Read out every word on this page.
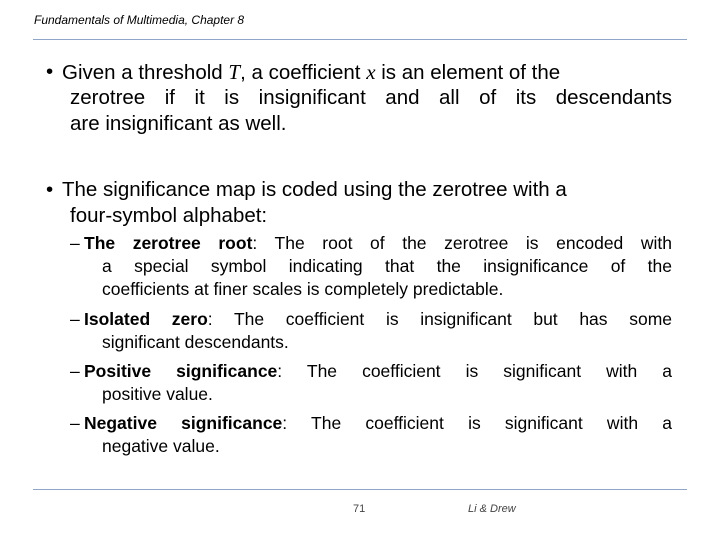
Fundamentals of Multimedia, Chapter 8
• Given a threshold T, a coefficient x is an element of the
zerotree if it is insignificant and all of its descendants
are insignificant as well.
• The significance map is coded using the zerotree with a
four-symbol alphabet:
– The zerotree root: The root of the zerotree is encoded with
a special symbol indicating that the insignificance of the
coefficients at finer scales is completely predictable.
– Isolated zero: The coefficient is insignificant but has some
significant descendants.
– Positive significance: The coefficient is significant with a
positive value.
– Negative significance: The coefficient is significant with a
negative value.
71	Li & Drew
